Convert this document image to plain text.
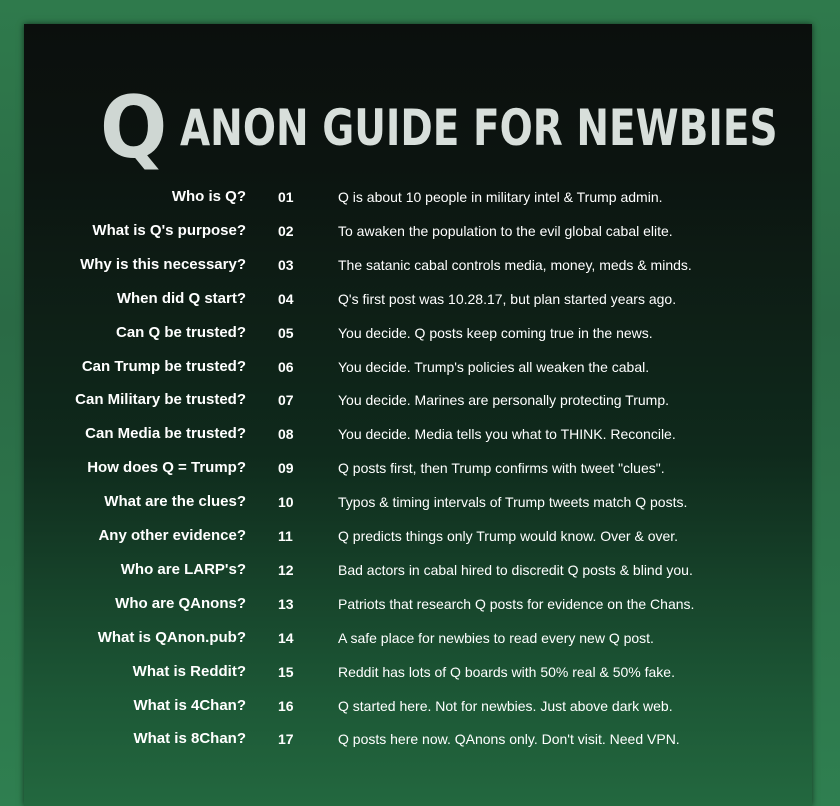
Q ANON GUIDE FOR NEWBIES
Who is Q? 01	Q is about 10 people in military intel & Trump admin.
What is Q's purpose? 02	To awaken the population to the evil global cabal elite.
Why is this necessary? 03	The satanic cabal controls media, money, meds & minds.
When did Q start? 04	Q's first post was 10.28.17, but plan started years ago.
Can Q be trusted? 05	You decide. Q posts keep coming true in the news.
Can Trump be trusted? 06	You decide. Trump's policies all weaken the cabal.
Can Military be trusted? 07	You decide. Marines are personally protecting Trump.
Can Media be trusted? 08	You decide. Media tells you what to THINK. Reconcile.
How does Q = Trump? 09	Q posts first, then Trump confirms with tweet "clues".
What are the clues? 10	Typos & timing intervals of Trump tweets match Q posts.
Any other evidence? 11	Q predicts things only Trump would know. Over & over.
Who are LARP's? 12	Bad actors in cabal hired to discredit Q posts & blind you.
Who are QAnons? 13	Patriots that research Q posts for evidence on the Chans.
What is QAnon.pub? 14	A safe place for newbies to read every new Q post.
What is Reddit? 15	Reddit has lots of Q boards with 50% real & 50% fake.
What is 4Chan? 16	Q started here. Not for newbies. Just above dark web.
What is 8Chan? 17	Q posts here now. QAnons only. Don't visit. Need VPN.
